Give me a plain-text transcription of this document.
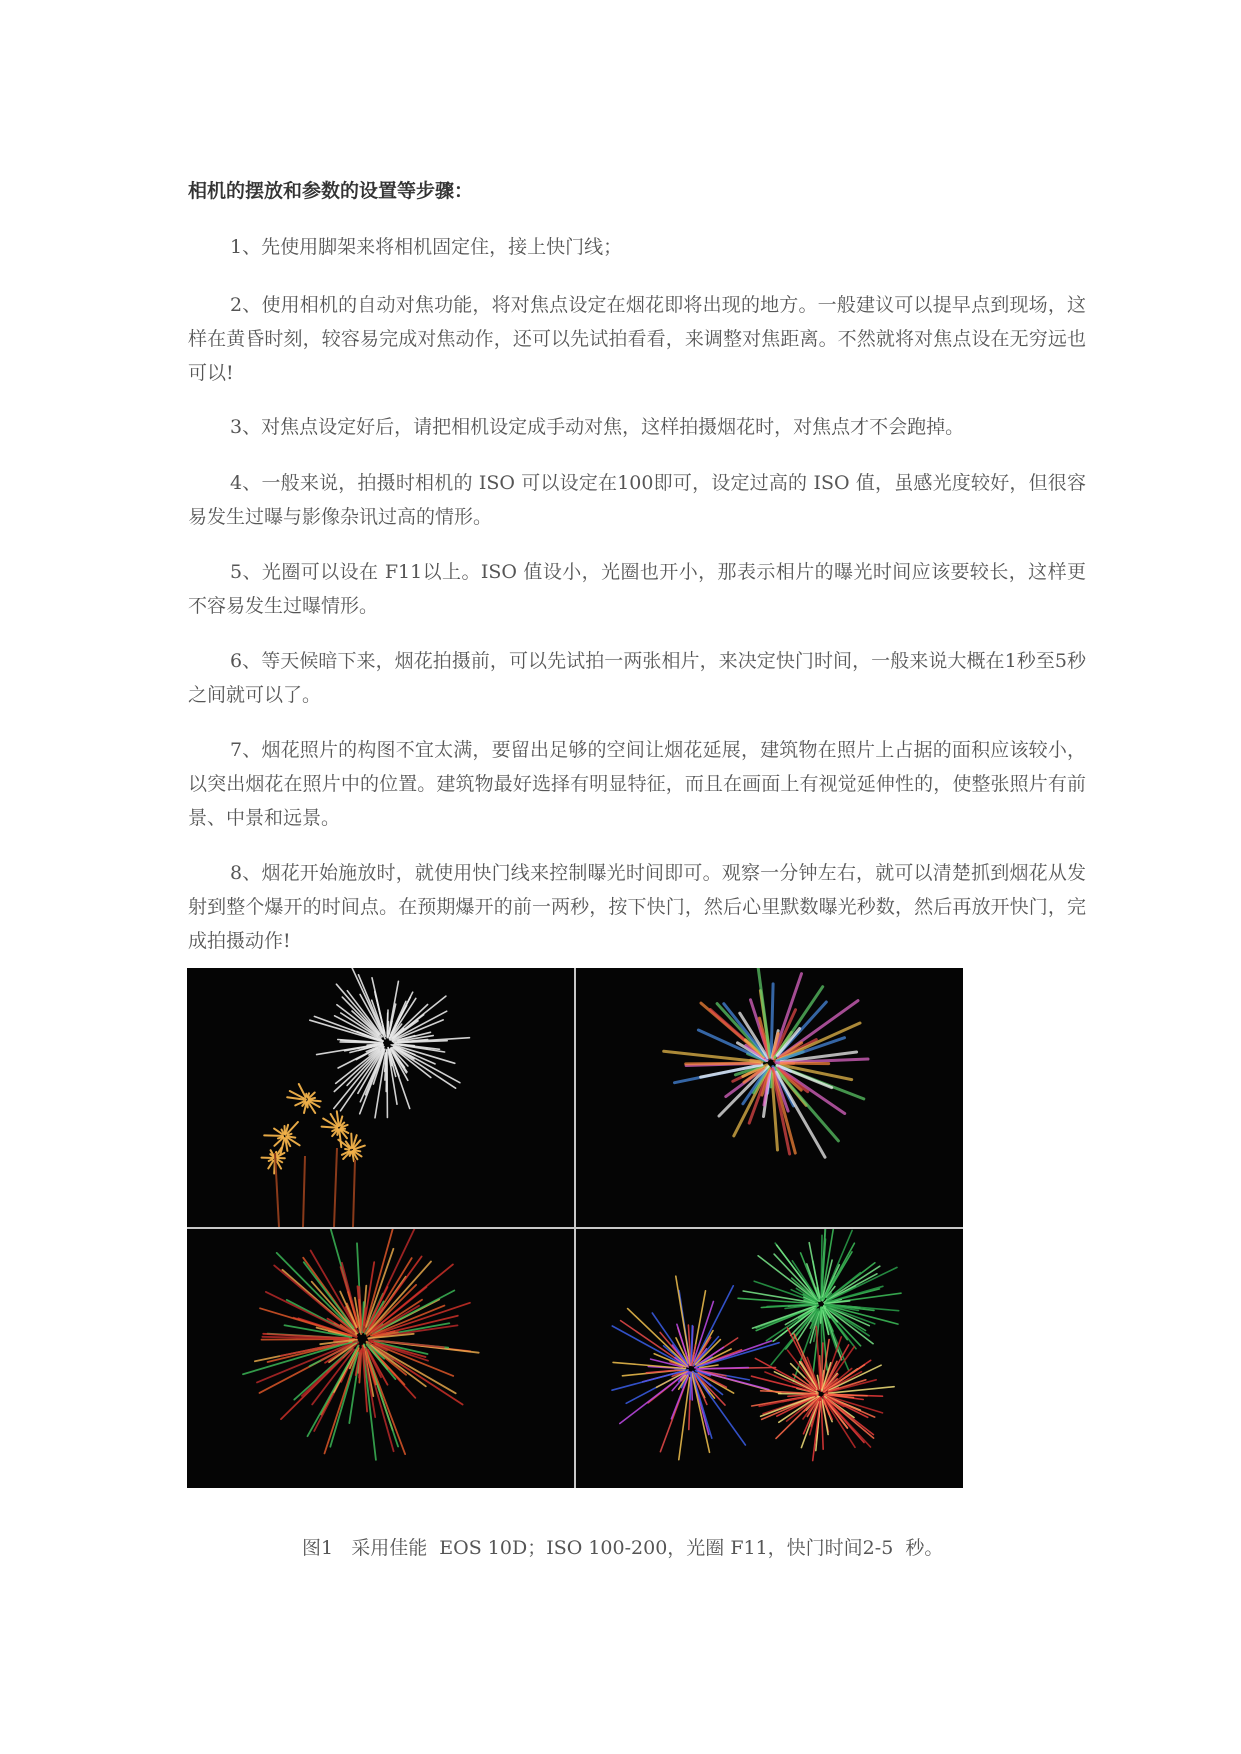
相机的摆放和参数的设置等步骤：

1、先使用脚架来将相机固定住，接上快门线；

2、使用相机的自动对焦功能，将对焦点设定在烟花即将出现的地方。一般建议可以提早点到现场，这样在黄昏时刻，较容易完成对焦动作，还可以先试拍看看，来调整对焦距离。不然就将对焦点设在无穷远也可以!

3、对焦点设定好后，请把相机设定成手动对焦，这样拍摄烟花时，对焦点才不会跑掉。

4、一般来说，拍摄时相机的 ISO 可以设定在100即可，设定过高的 ISO 值，虽感光度较好，但很容易发生过曝与影像杂讯过高的情形。

5、光圈可以设在 F11以上。ISO 值设小，光圈也开小，那表示相片的曝光时间应该要较长，这样更不容易发生过曝情形。

6、等天候暗下来，烟花拍摄前，可以先试拍一两张相片，来决定快门时间，一般来说大概在1秒至5秒之间就可以了。

7、烟花照片的构图不宜太满，要留出足够的空间让烟花延展，建筑物在照片上占据的面积应该较小，以突出烟花在照片中的位置。建筑物最好选择有明显特征，而且在画面上有视觉延伸性的，使整张照片有前景、中景和远景。

8、烟花开始施放时，就使用快门线来控制曝光时间即可。观察一分钟左右，就可以清楚抓到烟花从发射到整个爆开的时间点。在预期爆开的前一两秒，按下快门，然后心里默数曝光秒数，然后再放开快门，完成拍摄动作!

图1   采用佳能  EOS 10D；ISO 100-200，光圈 F11，快门时间2-5  秒。
